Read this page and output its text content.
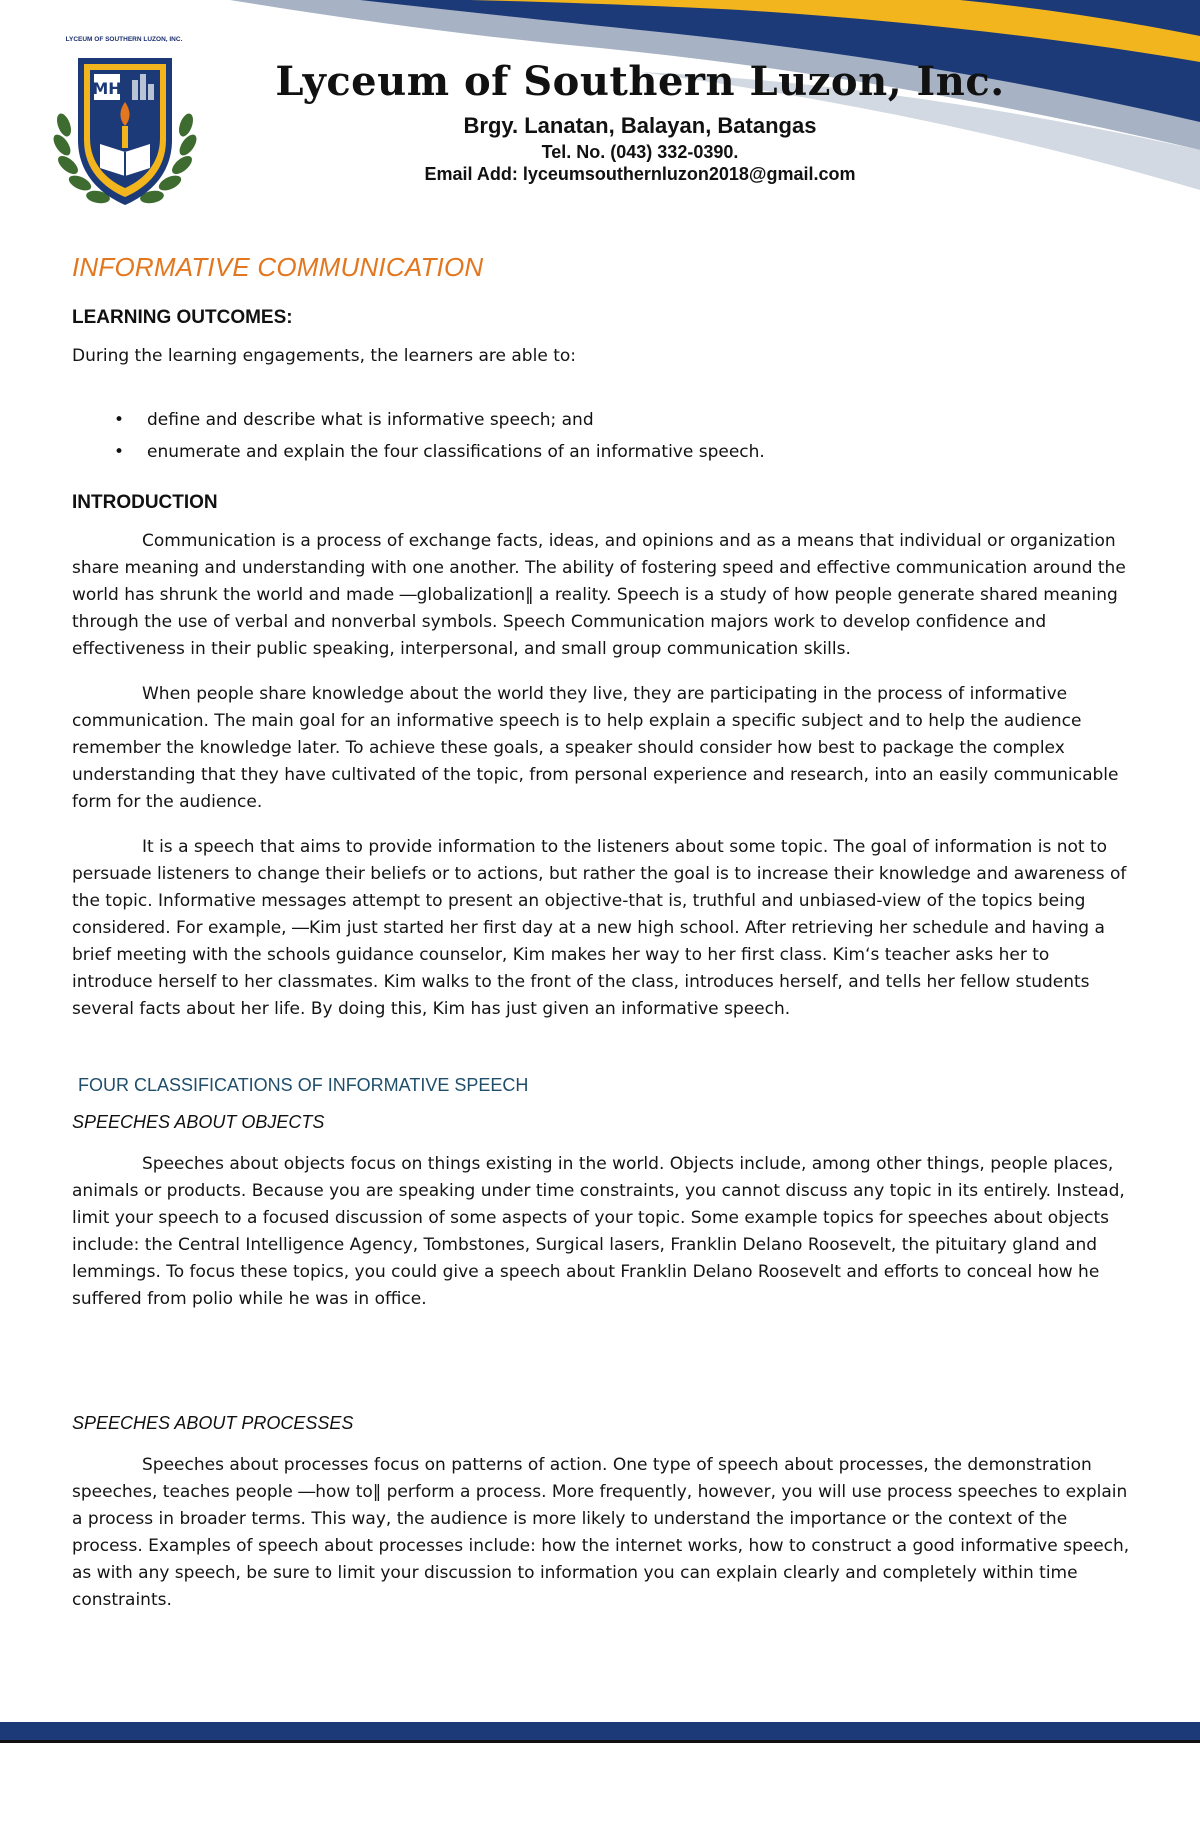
LYCEUM OF SOUTHERN LUZON, INC.
MH	Lyceum of Southern Luzon, Inc.
Brgy. Lanatan, Balayan, Batangas
Tel. No. (043) 332-0390.
Email Add: lyceumsouthernluzon2018@gmail.com
INFORMATIVE COMMUNICATION
LEARNING OUTCOMES:

During the learning engagements, the learners are able to:

• define and describe what is informative speech; and
• enumerate and explain the four classifications of an informative speech.
INTRODUCTION

Communication is a process of exchange facts, ideas, and opinions and as a means that individual or organization share meaning and understanding with one another. The ability of fostering speed and effective communication around the world has shrunk the world and made ―globalization‖ a reality. Speech is a study of how people generate shared meaning through the use of verbal and nonverbal symbols. Speech Communication majors work to develop confidence and effectiveness in their public speaking, interpersonal, and small group communication skills.

When people share knowledge about the world they live, they are participating in the process of informative communication. The main goal for an informative speech is to help explain a specific subject and to help the audience remember the knowledge later. To achieve these goals, a speaker should consider how best to package the complex understanding that they have cultivated of the topic, from personal experience and research, into an easily communicable form for the audience.

It is a speech that aims to provide information to the listeners about some topic. The goal of information is not to persuade listeners to change their beliefs or to actions, but rather the goal is to increase their knowledge and awareness of the topic. Informative messages attempt to present an objective-that is, truthful and unbiased-view of the topics being considered. For example, ―Kim just started her first day at a new high school. After retrieving her schedule and having a brief meeting with the schools guidance counselor, Kim makes her way to her first class. Kim‘s teacher asks her to introduce herself to her classmates. Kim walks to the front of the class, introduces herself, and tells her fellow students several facts about her life. By doing this, Kim has just given an informative speech.

FOUR CLASSIFICATIONS OF INFORMATIVE SPEECH
SPEECHES ABOUT OBJECTS

Speeches about objects focus on things existing in the world. Objects include, among other things, people places, animals or products. Because you are speaking under time constraints, you cannot discuss any topic in its entirely. Instead, limit your speech to a focused discussion of some aspects of your topic. Some example topics for speeches about objects include: the Central Intelligence Agency, Tombstones, Surgical lasers, Franklin Delano Roosevelt, the pituitary gland and lemmings. To focus these topics, you could give a speech about Franklin Delano Roosevelt and efforts to conceal how he suffered from polio while he was in office.

SPEECHES ABOUT PROCESSES

Speeches about processes focus on patterns of action. One type of speech about processes, the demonstration speeches, teaches people ―how to‖ perform a process. More frequently, however, you will use process speeches to explain a process in broader terms. This way, the audience is more likely to understand the importance or the context of the process. Examples of speech about processes include: how the internet works, how to construct a good informative speech, as with any speech, be sure to limit your discussion to information you can explain clearly and completely within time constraints.
